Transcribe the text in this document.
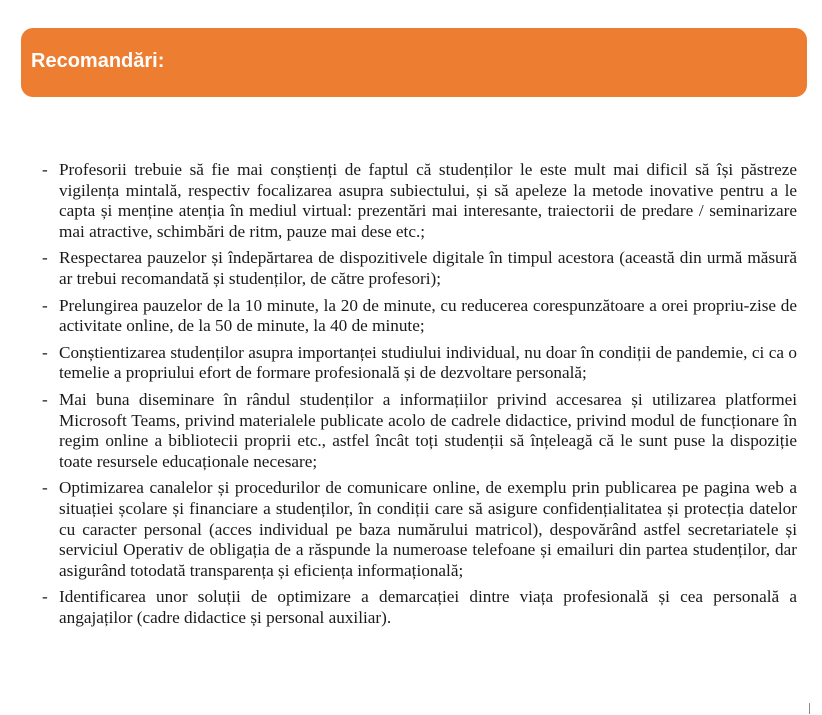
Recomandări:
- Profesorii trebuie să fie mai conștienți de faptul că studenților le este mult mai dificil să își păstreze vigilența mintală, respectiv focalizarea asupra subiectului, și să apeleze la metode inovative pentru a le capta și menține atenția în mediul virtual: prezentări mai interesante, traiectorii de predare / seminarizare mai atractive, schimbări de ritm, pauze mai dese etc.;
- Respectarea pauzelor și îndepărtarea de dispozitivele digitale în timpul acestora (această din urmă măsură ar trebui recomandată și studenților, de către profesori);
- Prelungirea pauzelor de la 10 minute, la 20 de minute, cu reducerea corespunzătoare a orei propriu-zise de activitate online, de la 50 de minute, la 40 de minute;
- Conștientizarea studenților asupra importanței studiului individual, nu doar în condiții de pandemie, ci ca o temelie a propriului efort de formare profesională și de dezvoltare personală;
- Mai buna diseminare în rândul studenților a informațiilor privind accesarea și utilizarea platformei Microsoft Teams, privind materialele publicate acolo de cadrele didactice, privind modul de funcționare în regim online a bibliotecii proprii etc., astfel încât toți studenții să înțeleagă că le sunt puse la dispoziție toate resursele educaționale necesare;
- Optimizarea canalelor și procedurilor de comunicare online, de exemplu prin publicarea pe pagina web a situației școlare și financiare a studenților, în condiții care să asigure confidențialitatea și protecția datelor cu caracter personal (acces individual pe baza numărului matricol), despovărând astfel secretariatele și serviciul Operativ de obligația de a răspunde la numeroase telefoane și emailuri din partea studenților, dar asigurând totodată transparența și eficiența informațională;
- Identificarea unor soluții de optimizare a demarcației dintre viața profesională și cea personală a angajaților (cadre didactice și personal auxiliar).
